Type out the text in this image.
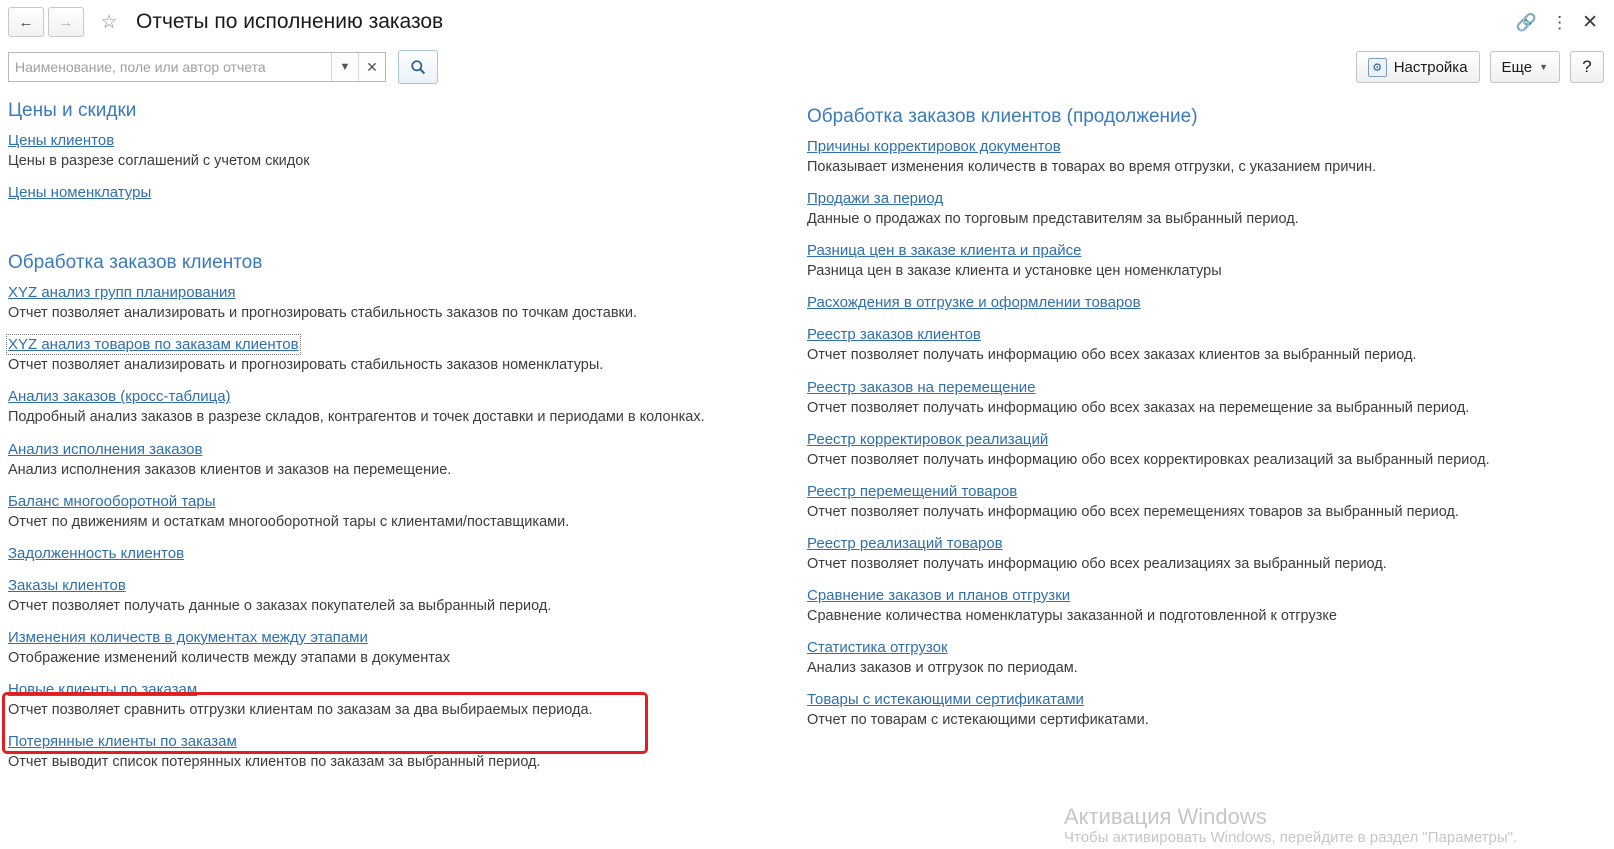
← → ☆ Отчеты по исполнению заказов	🔗 ⋮ ✕
Наименование, поле или автор отчета
▼ ✕	⚙ Настройка Еще ▼ ?
Цены и скидки
Цены клиентов
Цены в разрезе соглашений с учетом скидок
Цены номенклатуры
Обработка заказов клиентов
XYZ анализ групп планирования
Отчет позволяет анализировать и прогнозировать стабильность заказов по точкам доставки.
XYZ анализ товаров по заказам клиентов
Отчет позволяет анализировать и прогнозировать стабильность заказов номенклатуры.
Анализ заказов (кросс-таблица)
Подробный анализ заказов в разрезе складов, контрагентов и точек доставки и периодами в колонках.
Анализ исполнения заказов
Анализ исполнения заказов клиентов и заказов на перемещение.
Баланс многооборотной тары
Отчет по движениям и остаткам многооборотной тары с клиентами/поставщиками.
Задолженность клиентов
Заказы клиентов
Отчет позволяет получать данные о заказах покупателей за выбранный период.
Изменения количеств в документах между этапами
Отображение изменений количеств между этапами в документах
Новые клиенты по заказам
Отчет позволяет сравнить отгрузки клиентам по заказам за два выбираемых периода.
Потерянные клиенты по заказам
Отчет выводит список потерянных клиентов по заказам за выбранный период.
Обработка заказов клиентов (продолжение)
Причины корректировок документов
Показывает изменения количеств в товарах во время отгрузки, с указанием причин.
Продажи за период
Данные о продажах по торговым представителям за выбранный период.
Разница цен в заказе клиента и прайсе
Разница цен в заказе клиента и установке цен номенклатуры
Расхождения в отгрузке и оформлении товаров
Реестр заказов клиентов
Отчет позволяет получать информацию обо всех заказах клиентов за выбранный период.
Реестр заказов на перемещение
Отчет позволяет получать информацию обо всех заказах на перемещение за выбранный период.
Реестр корректировок реализаций
Отчет позволяет получать информацию обо всех корректировках реализаций за выбранный период.
Реестр перемещений товаров
Отчет позволяет получать информацию обо всех перемещениях товаров за выбранный период.
Реестр реализаций товаров
Отчет позволяет получать информацию обо всех реализациях за выбранный период.
Сравнение заказов и планов отгрузки
Сравнение количества номенклатуры заказанной и подготовленной к отгрузке
Статистика отгрузок
Анализ заказов и отгрузок по периодам.
Товары с истекающими сертификатами
Отчет по товарам с истекающими сертификатами.
Активация Windows
Чтобы активировать Windows, перейдите в раздел "Параметры".
